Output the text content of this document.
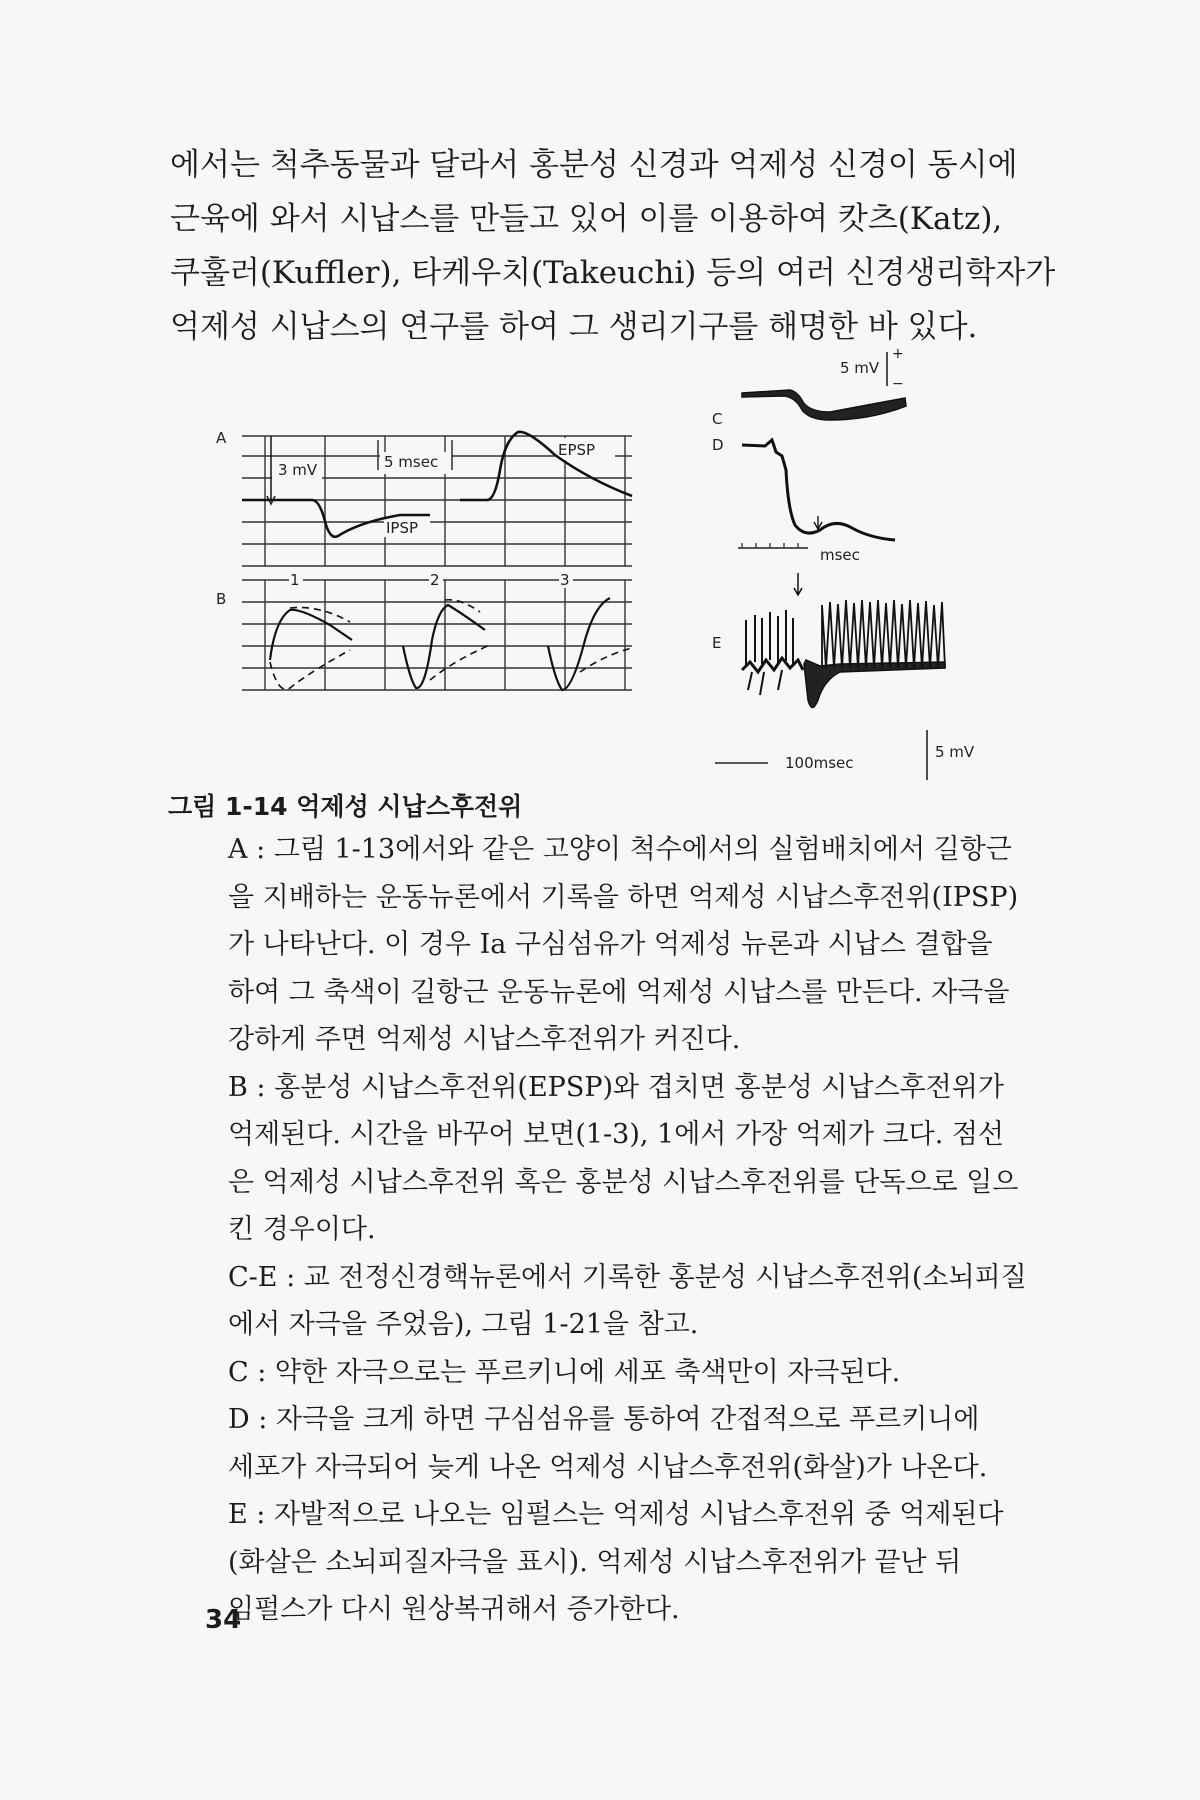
에서는 척추동물과 달라서 홍분성 신경과 억제성 신경이 동시에
근육에 와서 시납스를 만들고 있어 이를 이용하여 캇츠(Katz),
쿠훌러(Kuffler), 타케우치(Takeuchi) 등의 여러 신경생리학자가
억제성 시납스의 연구를 하여 그 생리기구를 해명한 바 있다.
A
3 mV	5 msec
EPSP
IPSP
B
1	2	3
C
5 mV
+
−
D
msec
E
100msec
5 mV
그림 1-14 억제성 시납스후전위
A : 그림 1-13에서와 같은 고양이 척수에서의 실험배치에서 길항근
을 지배하는 운동뉴론에서 기록을 하면 억제성 시납스후전위(IPSP)
가 나타난다. 이 경우 Ia 구심섬유가 억제성 뉴론과 시납스 결합을
하여 그 축색이 길항근 운동뉴론에 억제성 시납스를 만든다. 자극을
강하게 주면 억제성 시납스후전위가 커진다.
B : 홍분성 시납스후전위(EPSP)와 겹치면 홍분성 시납스후전위가
억제된다. 시간을 바꾸어 보면(1-3), 1에서 가장 억제가 크다. 점선
은 억제성 시납스후전위 혹은 홍분성 시납스후전위를 단독으로 일으
킨 경우이다.
C-E : 교 전정신경핵뉴론에서 기록한 홍분성 시납스후전위(소뇌피질
에서 자극을 주었음), 그림 1-21을 참고.
C : 약한 자극으로는 푸르키니에 세포 축색만이 자극된다.
D : 자극을 크게 하면 구심섬유를 통하여 간접적으로 푸르키니에
세포가 자극되어 늦게 나온 억제성 시납스후전위(화살)가 나온다.
E : 자발적으로 나오는 임펄스는 억제성 시납스후전위 중 억제된다
(화살은 소뇌피질자극을 표시). 억제성 시납스후전위가 끝난 뒤
임펄스가 다시 원상복귀해서 증가한다.
34
